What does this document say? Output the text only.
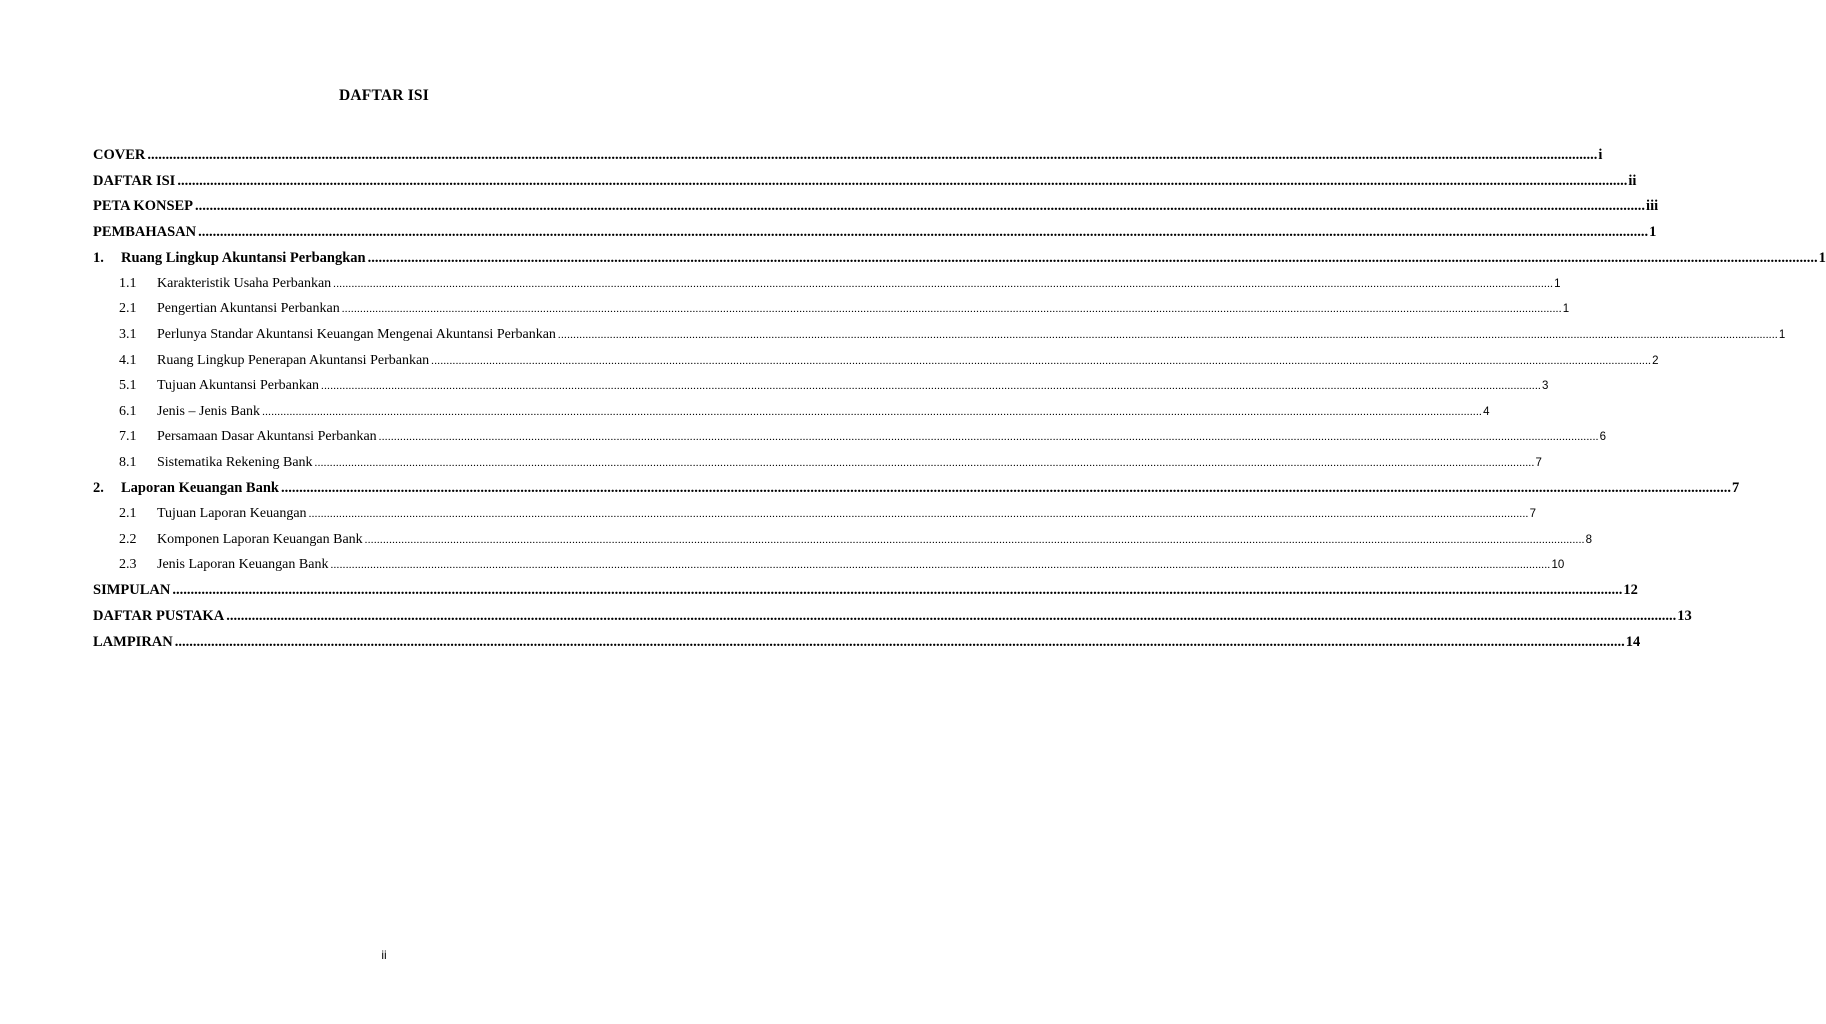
DAFTAR ISI
COVER ................................................................................................................................................................................................................................................................................................................................................................................................................ i
DAFTAR ISI ................................................................................................................................................................................................................................................................................................................................................................................................................ ii
PETA KONSEP ................................................................................................................................................................................................................................................................................................................................................................................................................ iii
PEMBAHASAN ................................................................................................................................................................................................................................................................................................................................................................................................................ 1
1.	Ruang Lingkup Akuntansi Perbangkan ................................................................................................................................................................................................................................................................................................................................................................................................................ 1
1.1	Karakteristik Usaha Perbankan ................................................................................................................................................................................................................................................................................................................................................................................................................ 1
2.1	Pengertian Akuntansi Perbankan ................................................................................................................................................................................................................................................................................................................................................................................................................ 1
3.1	Perlunya Standar Akuntansi Keuangan Mengenai Akuntansi Perbankan ................................................................................................................................................................................................................................................................................................................................................................................................................ 1
4.1	Ruang Lingkup Penerapan Akuntansi Perbankan ................................................................................................................................................................................................................................................................................................................................................................................................................ 2
5.1	Tujuan Akuntansi Perbankan ................................................................................................................................................................................................................................................................................................................................................................................................................ 3
6.1	Jenis – Jenis Bank ................................................................................................................................................................................................................................................................................................................................................................................................................ 4
7.1	Persamaan Dasar Akuntansi Perbankan ................................................................................................................................................................................................................................................................................................................................................................................................................ 6
8.1	Sistematika Rekening Bank ................................................................................................................................................................................................................................................................................................................................................................................................................ 7
2.	Laporan Keuangan Bank ................................................................................................................................................................................................................................................................................................................................................................................................................ 7
2.1	Tujuan Laporan Keuangan ................................................................................................................................................................................................................................................................................................................................................................................................................ 7
2.2	Komponen Laporan Keuangan Bank ................................................................................................................................................................................................................................................................................................................................................................................................................ 8
2.3	Jenis Laporan Keuangan Bank ................................................................................................................................................................................................................................................................................................................................................................................................................ 10
SIMPULAN ................................................................................................................................................................................................................................................................................................................................................................................................................ 12
DAFTAR PUSTAKA ................................................................................................................................................................................................................................................................................................................................................................................................................ 13
LAMPIRAN ................................................................................................................................................................................................................................................................................................................................................................................................................ 14
ii
